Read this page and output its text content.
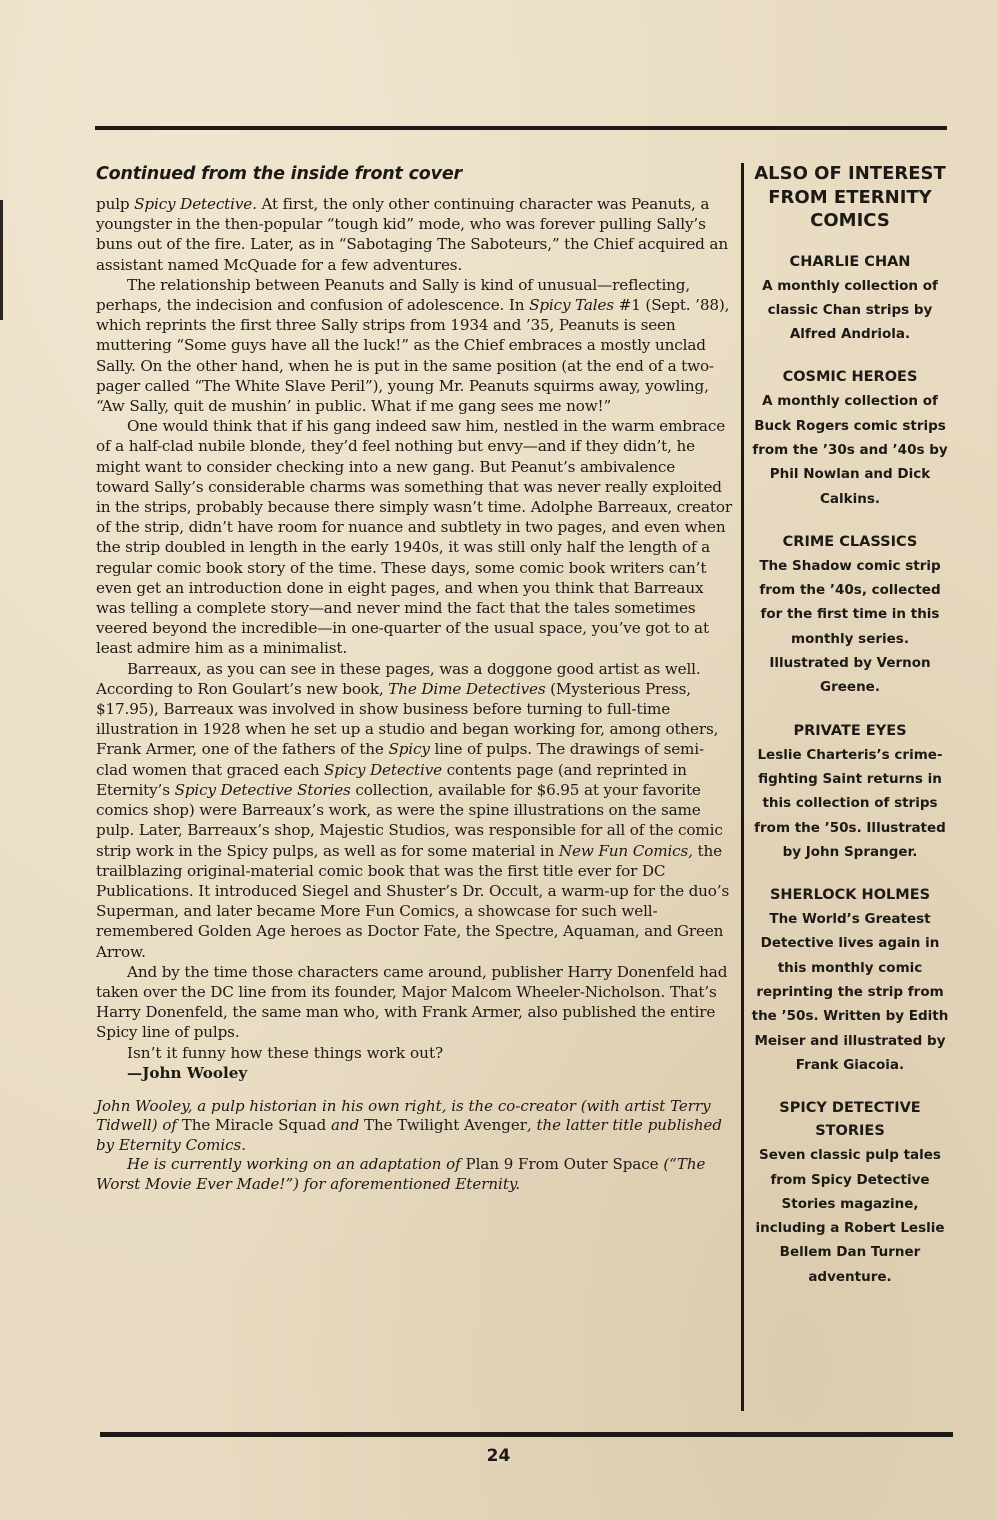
Continued from the inside front cover

pulp Spicy Detective. At first, the only other continuing character was Peanuts, a youngster in the then-popular “tough kid” mode, who was forever pulling Sally’s buns out of the fire. Later, as in “Sabotaging The Saboteurs,” the Chief acquired an assistant named McQuade for a few adventures.

The relationship between Peanuts and Sally is kind of unusual—reflecting, perhaps, the indecision and confusion of adolescence. In Spicy Tales #1 (Sept. ’88), which reprints the first three Sally strips from 1934 and ’35, Peanuts is seen muttering “Some guys have all the luck!” as the Chief embraces a mostly unclad Sally. On the other hand, when he is put in the same position (at the end of a two-pager called “The White Slave Peril”), young Mr. Peanuts squirms away, yowling, “Aw Sally, quit de mushin’ in public. What if me gang sees me now!”

One would think that if his gang indeed saw him, nestled in the warm embrace of a half-clad nubile blonde, they’d feel nothing but envy—and if they didn’t, he might want to consider checking into a new gang. But Peanut’s ambivalence toward Sally’s considerable charms was something that was never really exploited in the strips, probably because there simply wasn’t time. Adolphe Barreaux, creator of the strip, didn’t have room for nuance and subtlety in two pages, and even when the strip doubled in length in the early 1940s, it was still only half the length of a regular comic book story of the time. These days, some comic book writers can’t even get an introduction done in eight pages, and when you think that Barreaux was telling a complete story—and never mind the fact that the tales sometimes veered beyond the incredible—in one-quarter of the usual space, you’ve got to at least admire him as a minimalist.

Barreaux, as you can see in these pages, was a doggone good artist as well. According to Ron Goulart’s new book, The Dime Detectives (Mysterious Press, $17.95), Barreaux was involved in show business before turning to full-time illustration in 1928 when he set up a studio and began working for, among others, Frank Armer, one of the fathers of the Spicy line of pulps. The drawings of semi-clad women that graced each Spicy Detective contents page (and reprinted in Eternity’s Spicy Detective Stories collection, available for $6.95 at your favorite comics shop) were Barreaux’s work, as were the spine illustrations on the same pulp. Later, Barreaux’s shop, Majestic Studios, was responsible for all of the comic strip work in the Spicy pulps, as well as for some material in New Fun Comics, the trailblazing original-material comic book that was the first title ever for DC Publications. It introduced Siegel and Shuster’s Dr. Occult, a warm-up for the duo’s Superman, and later became More Fun Comics, a showcase for such well-remembered Golden Age heroes as Doctor Fate, the Spectre, Aquaman, and Green Arrow.

And by the time those characters came around, publisher Harry Donenfeld had taken over the DC line from its founder, Major Malcom Wheeler-Nicholson. That’s Harry Donenfeld, the same man who, with Frank Armer, also published the entire Spicy line of pulps.

Isn’t it funny how these things work out?

—John Wooley

John Wooley, a pulp historian in his own right, is the co-creator (with artist Terry Tidwell) of The Miracle Squad and The Twilight Avenger, the latter title published by Eternity Comics.

He is currently working on an adaptation of Plan 9 From Outer Space (“The Worst Movie Ever Made!”) for aforementioned Eternity.

ALSO OF INTEREST FROM ETERNITY COMICS

CHARLIE CHAN

A monthly collection of classic Chan strips by Alfred Andriola.

COSMIC HEROES

A monthly collection of Buck Rogers comic strips from the ’30s and ’40s by Phil Nowlan and Dick Calkins.

CRIME CLASSICS

The Shadow comic strip from the ’40s, collected for the first time in this monthly series. Illustrated by Vernon Greene.

PRIVATE EYES

Leslie Charteris’s crime-fighting Saint returns in this collection of strips from the ’50s. Illustrated by John Spranger.

SHERLOCK HOLMES

The World’s Greatest Detective lives again in this monthly comic reprinting the strip from the ’50s. Written by Edith Meiser and illustrated by Frank Giacoia.

SPICY DETECTIVE STORIES

Seven classic pulp tales from Spicy Detective Stories magazine, including a Robert Leslie Bellem Dan Turner adventure.

24
